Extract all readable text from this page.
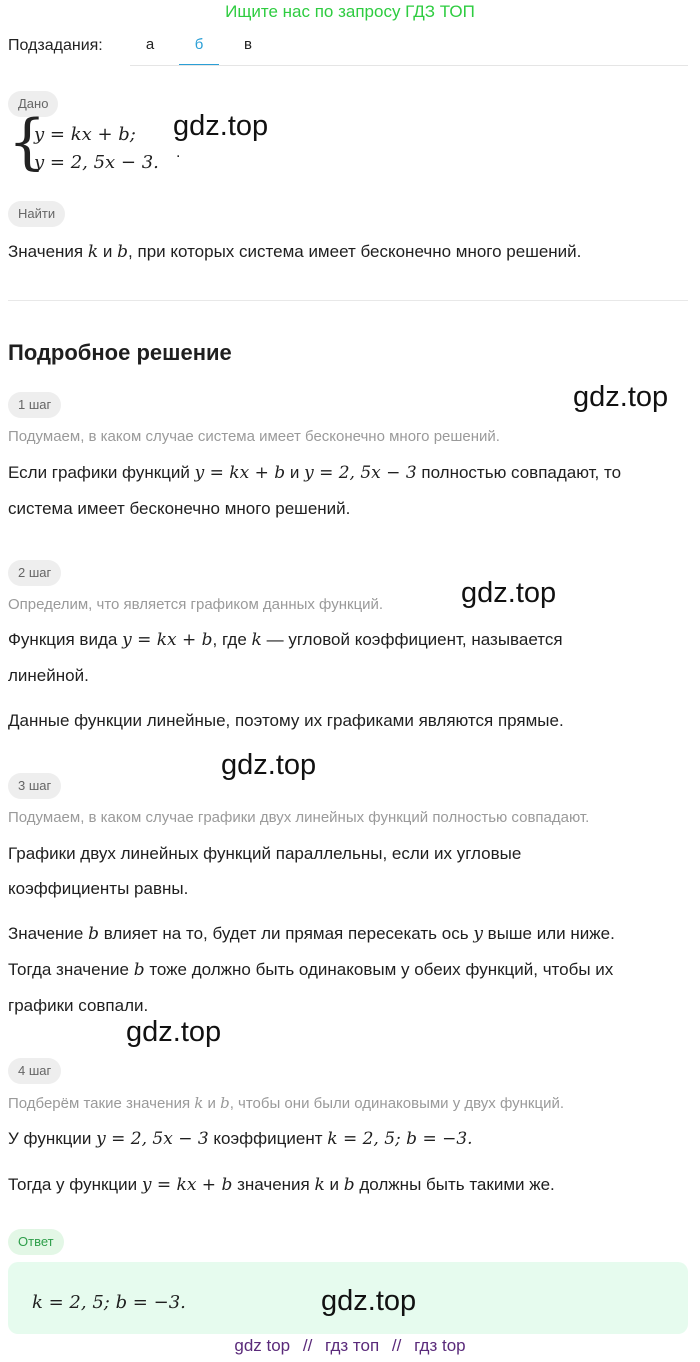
Ищите нас по запросу ГДЗ ТОП
Подзадания:	а	б	в
Дано
{
y = kx + b;
y = 2, 5x − 3. .
gdz.top
Найти
Значения k и b, при которых система имеет бесконечно много решений.
Подробное решение
1 шаг	gdz.top
Подумаем, в каком случае система имеет бесконечно много решений.
Если графики функций y = kx + b и y = 2, 5x − 3 полностью совпадают, то
система имеет бесконечно много решений.
2 шаг
gdz.top
Определим, что является графиком данных функций.
Функция вида y = kx + b, где k — угловой коэффициент, называется
линейной.
Данные функции линейные, поэтому их графиками являются прямые.
gdz.top
3 шаг
Подумаем, в каком случае графики двух линейных функций полностью совпадают.
Графики двух линейных функций параллельны, если их угловые
коэффициенты равны.
Значение b влияет на то, будет ли прямая пересекать ось y выше или ниже.
Тогда значение b тоже должно быть одинаковым у обеих функций, чтобы их
графики совпали.
gdz.top
4 шаг
Подберём такие значения k и b, чтобы они были одинаковыми у двух функций.
У функции y = 2, 5x − 3 коэффициент k = 2, 5; b = −3.
Тогда у функции y = kx + b значения k и b должны быть такими же.
Ответ
k = 2, 5; b = −3.	gdz.top
gdz top // гдз топ // гдз top
